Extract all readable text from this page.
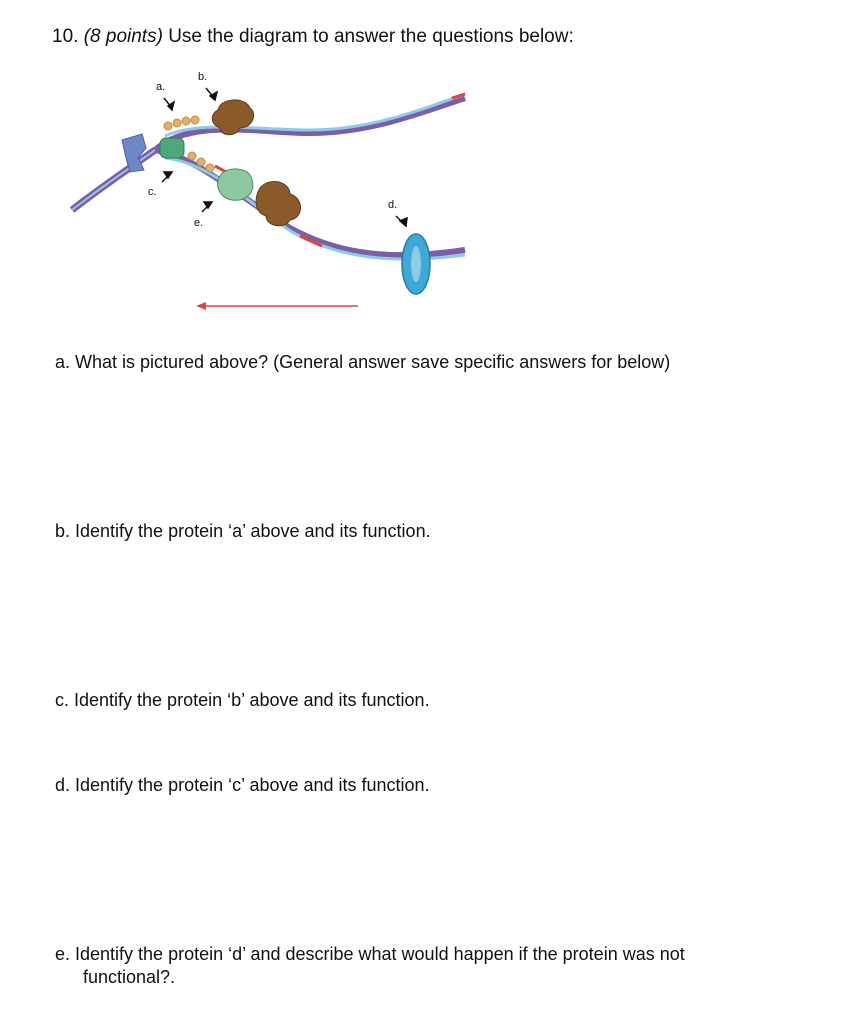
10. (8 points) Use the diagram to answer the questions below:
a.
b.
c.
e.
d.
a. What is pictured above? (General answer save specific answers for below)
b. Identify the protein ‘a’ above and its function.
c. Identify the protein ‘b’ above and its function.
d. Identify the protein ‘c’ above and its function.
e. Identify the protein ‘d’ and describe what would happen if the protein was not
functional?.
